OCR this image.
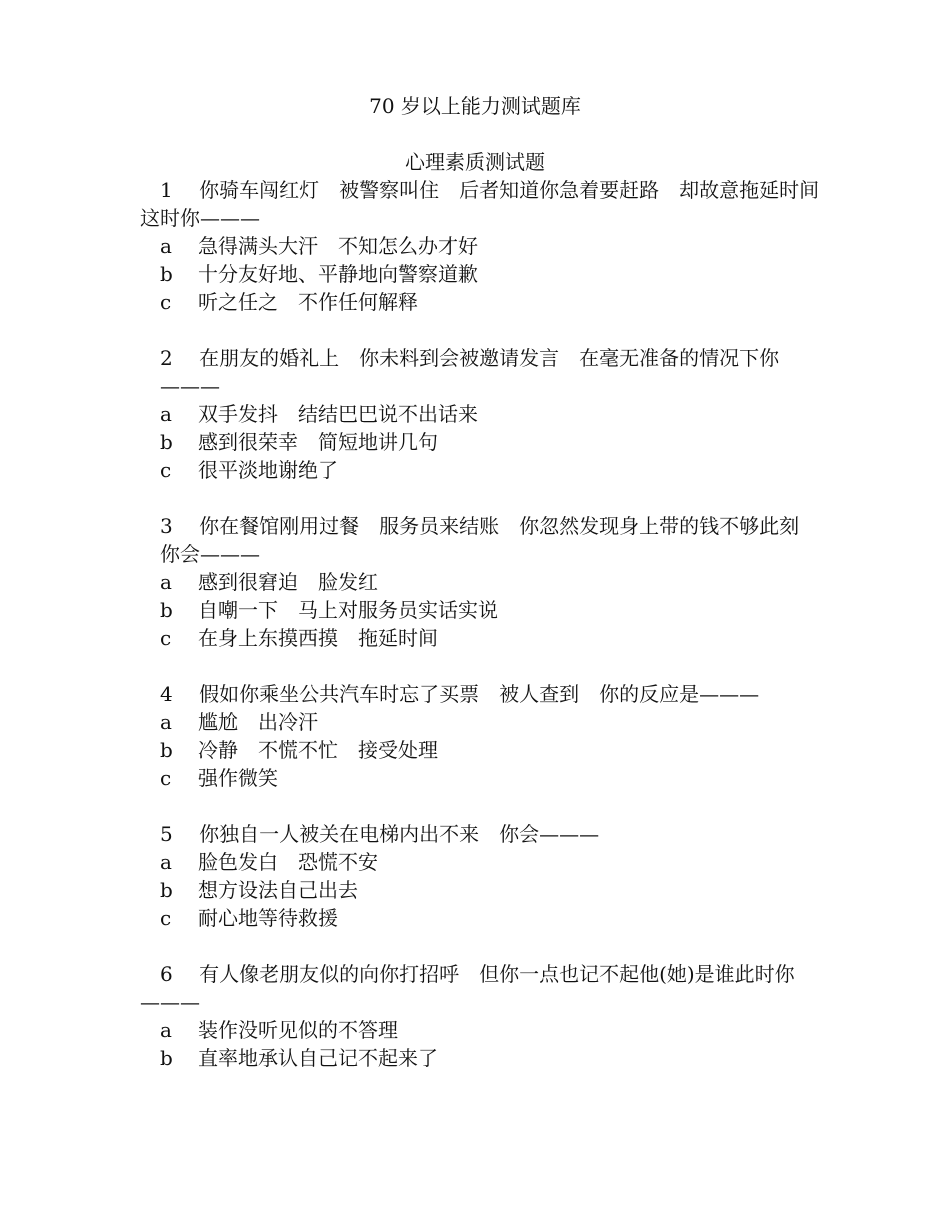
70 岁以上能力测试题库
心理素质测试题
1　 你骑车闯红灯　被警察叫住　后者知道你急着要赶路　却故意拖延时间　这时你———
a 急得满头大汗　不知怎么办才好
b 十分友好地、平静地向警察道歉
c 听之任之　不作任何解释
2　 在朋友的婚礼上　你未料到会被邀请发言　在毫无准备的情况下你———
a 双手发抖　结结巴巴说不出话来
b 感到很荣幸　简短地讲几句
c 很平淡地谢绝了
3　 你在餐馆刚用过餐　服务员来结账　你忽然发现身上带的钱不够此刻　你会———
a 感到很窘迫　脸发红
b 自嘲一下　马上对服务员实话实说
c 在身上东摸西摸　拖延时间
4　 假如你乘坐公共汽车时忘了买票　被人查到　你的反应是———
a 尴尬　出冷汗
b 冷静　不慌不忙　接受处理
c 强作微笑
5　 你独自一人被关在电梯内出不来　你会———
a 脸色发白　恐慌不安
b 想方设法自己出去
c 耐心地等待救援
6　 有人像老朋友似的向你打招呼　但你一点也记不起他(她)是谁此时你———
a 装作没听见似的不答理
b 直率地承认自己记不起来了
